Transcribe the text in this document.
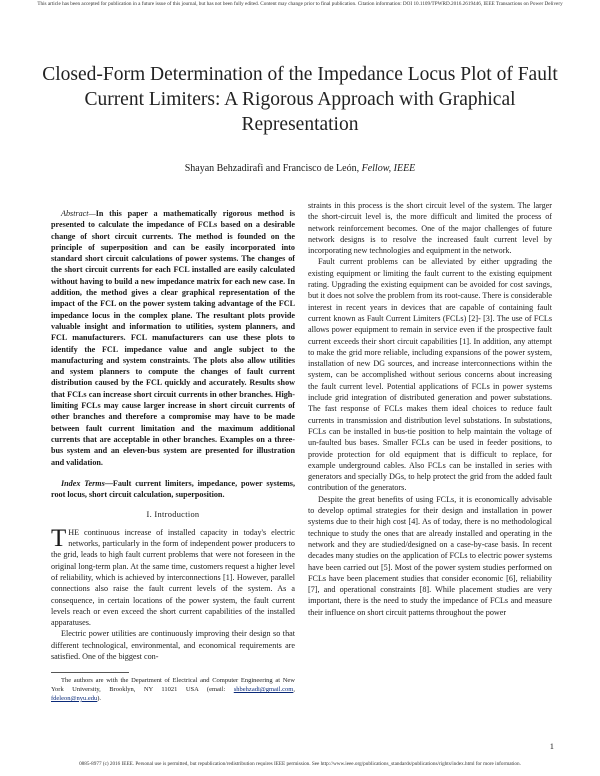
This article has been accepted for publication in a future issue of this journal, but has not been fully edited. Content may change prior to final publication. Citation information: DOI 10.1109/TPWRD.2016.2619446, IEEE Transactions on Power Delivery
Closed-Form Determination of the Impedance Locus Plot of Fault Current Limiters: A Rigorous Approach with Graphical Representation
Shayan Behzadirafi and Francisco de León, Fellow, IEEE

Abstract—In this paper a mathematically rigorous method is presented to calculate the impedance of FCLs based on a desirable change of short circuit currents. The method is founded on the principle of superposition and can be easily incorporated into standard short circuit calculations of power systems. The changes of the short circuit currents for each FCL installed are easily calculated without having to build a new impedance matrix for each new case. In addition, the method gives a clear graphical representation of the impact of the FCL on the power system taking advantage of the FCL impedance locus in the complex plane. The resultant plots provide valuable insight and information to utilities, system planners, and FCL manufacturers. FCL manufacturers can use these plots to identify the FCL impedance value and angle subject to the manufacturing and system constraints. The plots also allow utilities and system planners to compute the changes of fault current distribution caused by the FCL quickly and accurately. Results show that FCLs can increase short circuit currents in other branches. High-limiting FCLs may cause larger increase in short circuit currents of other branches and therefore a compromise may have to be made between fault current limitation and the maximum additional currents that are acceptable in other branches. Examples on a three-bus system and an eleven-bus system are presented for illustration and validation.

Index Terms—Fault current limiters, impedance, power systems, root locus, short circuit calculation, superposition.

I. Introduction

THE continuous increase of installed capacity in today's electric networks, particularly in the form of independent power producers to the grid, leads to high fault current problems that were not foreseen in the original long-term plan. At the same time, customers request a higher level of reliability, which is achieved by interconnections [1]. However, parallel connections also raise the fault current levels of the system. As a consequence, in certain locations of the power system, the fault current levels reach or even exceed the short current capabilities of the installed apparatuses.

Electric power utilities are continuously improving their design so that different technological, environmental, and economical requirements are satisfied. One of the biggest con-

The authors are with the Department of Electrical and Computer Engineering at New York University, Brooklyn, NY 11021 USA (email: shbehzadi@gmail.com, fdeleon@nyu.edu).

straints in this process is the short circuit level of the system. The larger the short-circuit level is, the more difficult and limited the process of network reinforcement becomes. One of the major challenges of future network designs is to resolve the increased fault current level by incorporating new technologies and equipment in the network.

Fault current problems can be alleviated by either upgrading the existing equipment or limiting the fault current to the existing equipment rating. Upgrading the existing equipment can be avoided for cost savings, but it does not solve the problem from its root-cause. There is considerable interest in recent years in devices that are capable of containing fault current known as Fault Current Limiters (FCLs) [2]- [3]. The use of FCLs allows power equipment to remain in service even if the prospective fault current exceeds their short circuit capabilities [1]. In addition, any attempt to make the grid more reliable, including expansions of the power system, installation of new DG sources, and increase interconnections within the system, can be accomplished without serious concerns about increasing the fault current level. Potential applications of FCLs in power systems include grid integration of distributed generation and power substations. The fast response of FCLs makes them ideal choices to reduce fault currents in transmission and distribution level substations. In substations, FCLs can be installed in bus-tie position to help maintain the voltage of un-faulted bus bases. Smaller FCLs can be used in feeder positions, to provide protection for old equipment that is difficult to replace, for example underground cables. Also FCLs can be installed in series with generators and specially DGs, to help protect the grid from the added fault contribution of the generators.

Despite the great benefits of using FCLs, it is economically advisable to develop optimal strategies for their design and installation in power systems due to their high cost [4]. As of today, there is no methodological technique to study the ones that are already installed and operating in the network and they are studied/designed on a case-by-case basis. In recent decades many studies on the application of FCLs to electric power systems have been carried out [5]. Most of the power system studies performed on FCLs have been placement studies that consider economic [6], reliability [7], and operational constraints [8]. While placement studies are very important, there is the need to study the impedance of FCLs and measure their influence on short circuit patterns throughout the power

1
0885-8977 (c) 2016 IEEE. Personal use is permitted, but republication/redistribution requires IEEE permission. See http://www.ieee.org/publications_standards/publications/rights/index.html for more information.
